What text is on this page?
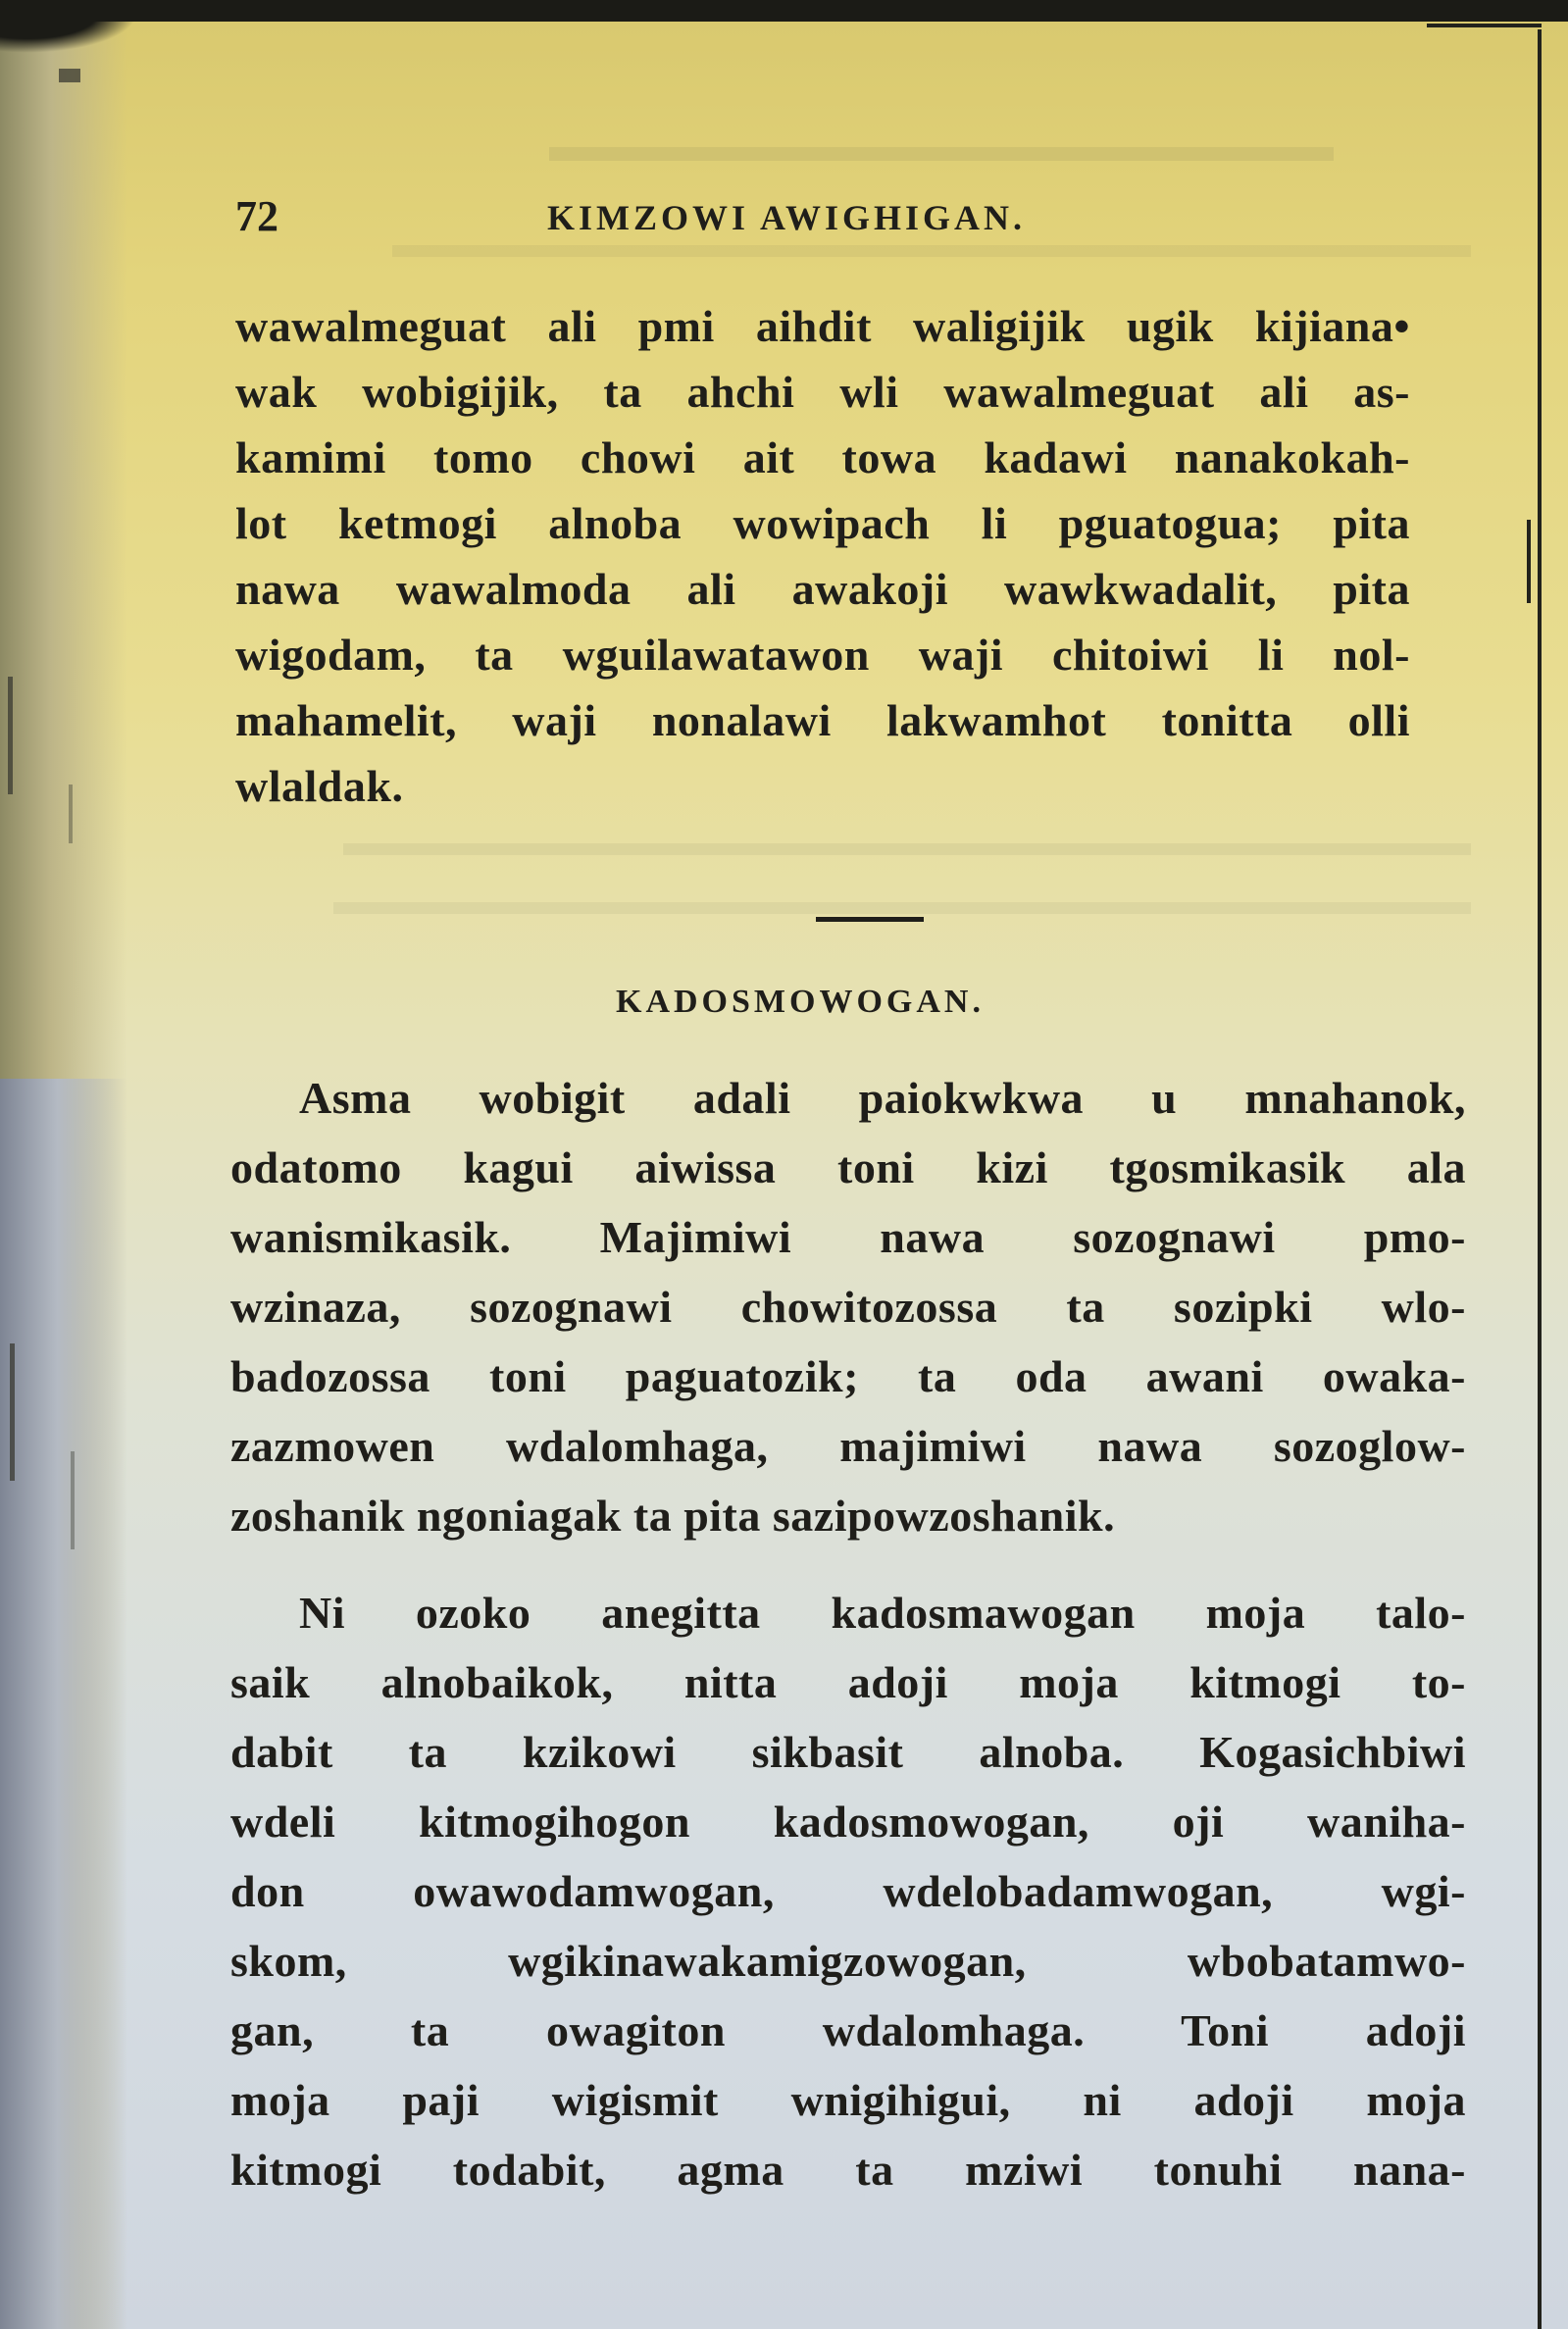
72	KIMZOWI AWIGHIGAN.
wawalmeguat ali pmi aihdit waligijik ugik kijiana•
wak wobigijik, ta ahchi wli wawalmeguat ali as-
kamimi tomo chowi ait towa kadawi nanakokah-
lot ketmogi alnoba wowipach li pguatogua; pita
nawa wawalmoda ali awakoji wawkwadalit, pita
wigodam, ta wguilawatawon waji chitoiwi li nol-
mahamelit, waji nonalawi lakwamhot tonitta olli
wlaldak.
KADOSMOWOGAN.
Asma wobigit adali paiokwkwa u mnahanok,
odatomo kagui aiwissa toni kizi tgosmikasik ala
wanismikasik. Majimiwi nawa sozognawi pmo-
wzinaza, sozognawi chowitozossa ta sozipki wlo-
badozossa toni paguatozik; ta oda awani owaka-
zazmowen wdalomhaga, majimiwi nawa sozoglow-
zoshanik ngoniagak ta pita sazipowzoshanik.
Ni ozoko anegitta kadosmawogan moja talo-
saik alnobaikok, nitta adoji moja kitmogi to-
dabit ta kzikowi sikbasit alnoba. Kogasichbiwi
wdeli kitmogihogon kadosmowogan, oji waniha-
don owawodamwogan, wdelobadamwogan, wgi-
skom, wgikinawakamigzowogan, wbobatamwo-
gan, ta owagiton wdalomhaga. Toni adoji
moja paji wigismit wnigihigui, ni adoji moja
kitmogi todabit, agma ta mziwi tonuhi nana-
